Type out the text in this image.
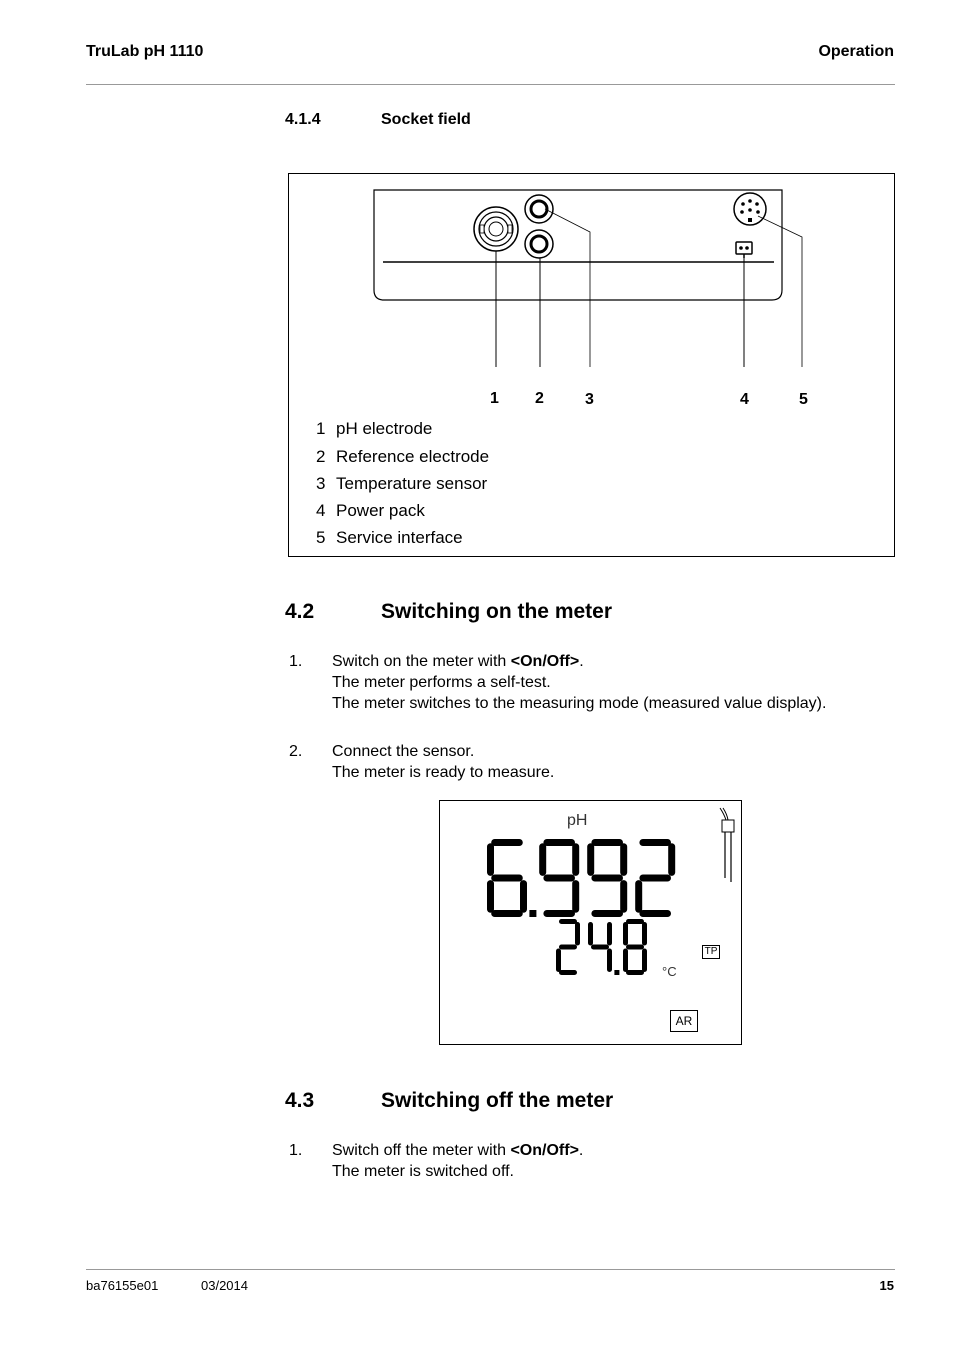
TruLab pH 1110	Operation
4.1.4	Socket field
1 2	3	4	5
1 pH electrode
2 Reference electrode
3 Temperature sensor
4 Power pack
5 Service interface
4.2	Switching on the meter
1. Switch on the meter with <On/Off>.
The meter performs a self-test.
The meter switches to the measuring mode (measured value display).
2. Connect the sensor.
The meter is ready to measure.
pH
°C
TP
AR
4.3	Switching off the meter
1. Switch off the meter with <On/Off>.
The meter is switched off.
ba76155e01	03/2014	15
